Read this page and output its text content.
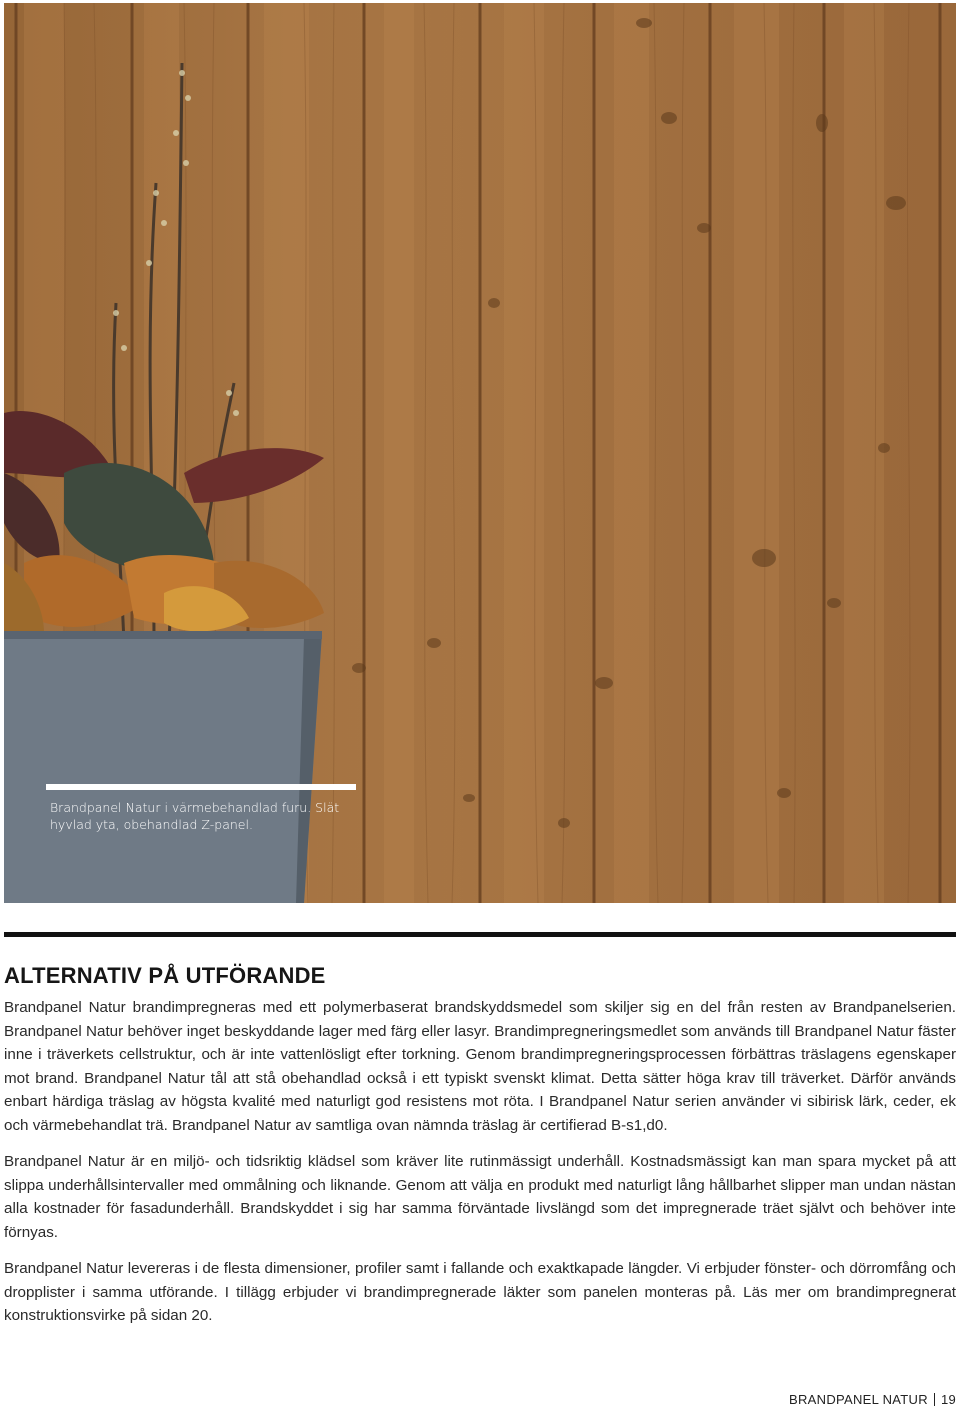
Brandpanel Natur i värmebehandlad furu. Slät hyvlad yta, obehandlad Z-panel.
ALTERNATIV PÅ UTFÖRANDE

Brandpanel Natur brandimpregneras med ett polymerbaserat brandskyddsmedel som skiljer sig en del från resten av Brandpanelserien. Brandpanel Natur behöver inget beskyddande lager med färg eller lasyr. Brandimpregneringsmedlet som används till Brandpanel Natur fäster inne i träverkets cellstruktur, och är inte vattenlösligt efter torkning. Genom brandimpregneringsprocessen förbättras träslagens egenskaper mot brand. Brandpanel Natur tål att stå obehandlad också i ett typiskt svenskt klimat. Detta sätter höga krav till träverket. Därför används enbart härdiga träslag av högsta kvalité med naturligt god resistens mot röta. I Brandpanel Natur serien använder vi sibirisk lärk, ceder, ek och värmebehandlat trä. Brandpanel Natur av samtliga ovan nämnda träslag är certifierad B-s1,d0.

Brandpanel Natur är en miljö- och tidsriktig klädsel som kräver lite rutinmässigt underhåll. Kostnadsmässigt kan man spara mycket på att slippa underhållsintervaller med ommålning och liknande. Genom att välja en produkt med naturligt lång hållbarhet slipper man undan nästan alla kostnader för fasadunderhåll. Brandskyddet i sig har samma förväntade livslängd som det impregnerade träet självt och behöver inte förnyas.

Brandpanel Natur levereras i de flesta dimensioner, profiler samt i fallande och exaktkapade längder. Vi erbjuder fönster- och dörromfång och dropplister i samma utförande. I tillägg erbjuder vi brandimpregnerade läkter som panelen monteras på. Läs mer om brandimpregnerat konstruktionsvirke på sidan 20.

BRANDPANEL NATUR 19
